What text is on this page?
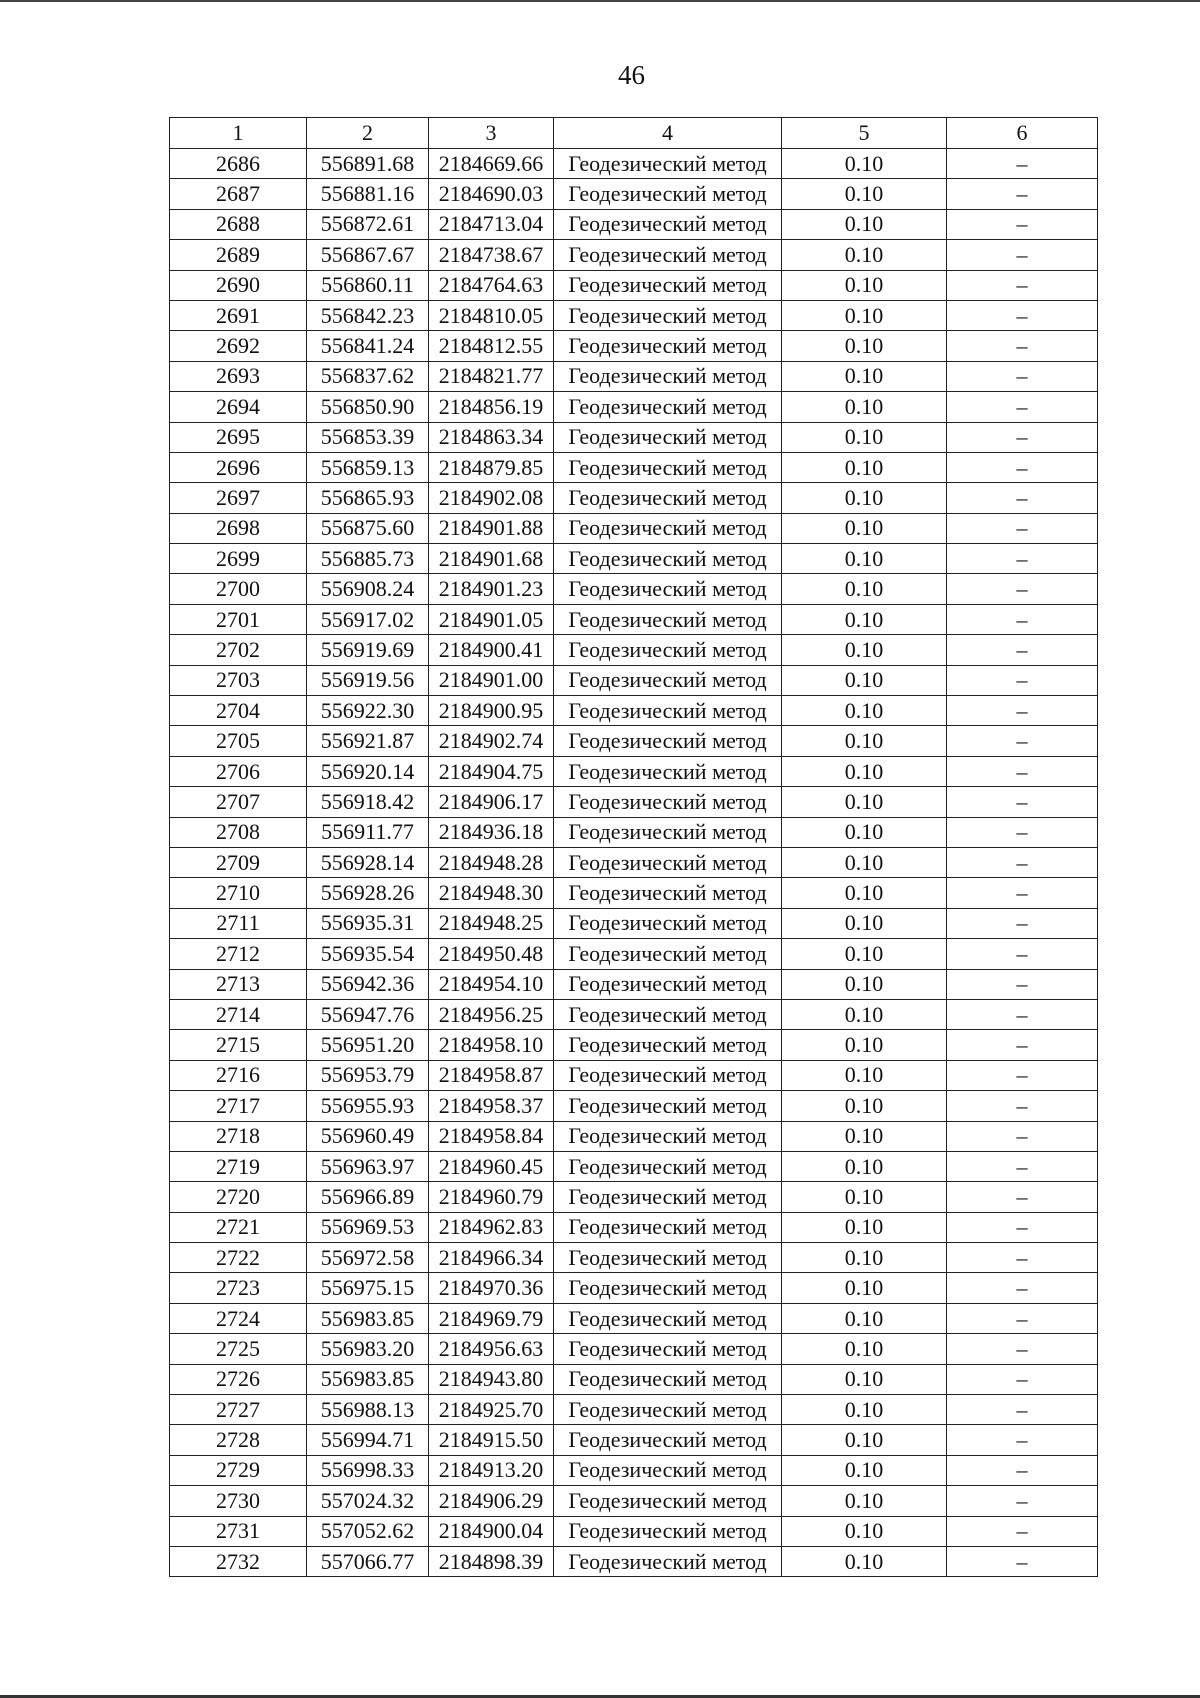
46
1	2	3	4	5	6
2686	556891.68	2184669.66	Геодезический метод	0.10	–
2687	556881.16	2184690.03	Геодезический метод	0.10	–
2688	556872.61	2184713.04	Геодезический метод	0.10	–
2689	556867.67	2184738.67	Геодезический метод	0.10	–
2690	556860.11	2184764.63	Геодезический метод	0.10	–
2691	556842.23	2184810.05	Геодезический метод	0.10	–
2692	556841.24	2184812.55	Геодезический метод	0.10	–
2693	556837.62	2184821.77	Геодезический метод	0.10	–
2694	556850.90	2184856.19	Геодезический метод	0.10	–
2695	556853.39	2184863.34	Геодезический метод	0.10	–
2696	556859.13	2184879.85	Геодезический метод	0.10	–
2697	556865.93	2184902.08	Геодезический метод	0.10	–
2698	556875.60	2184901.88	Геодезический метод	0.10	–
2699	556885.73	2184901.68	Геодезический метод	0.10	–
2700	556908.24	2184901.23	Геодезический метод	0.10	–
2701	556917.02	2184901.05	Геодезический метод	0.10	–
2702	556919.69	2184900.41	Геодезический метод	0.10	–
2703	556919.56	2184901.00	Геодезический метод	0.10	–
2704	556922.30	2184900.95	Геодезический метод	0.10	–
2705	556921.87	2184902.74	Геодезический метод	0.10	–
2706	556920.14	2184904.75	Геодезический метод	0.10	–
2707	556918.42	2184906.17	Геодезический метод	0.10	–
2708	556911.77	2184936.18	Геодезический метод	0.10	–
2709	556928.14	2184948.28	Геодезический метод	0.10	–
2710	556928.26	2184948.30	Геодезический метод	0.10	–
2711	556935.31	2184948.25	Геодезический метод	0.10	–
2712	556935.54	2184950.48	Геодезический метод	0.10	–
2713	556942.36	2184954.10	Геодезический метод	0.10	–
2714	556947.76	2184956.25	Геодезический метод	0.10	–
2715	556951.20	2184958.10	Геодезический метод	0.10	–
2716	556953.79	2184958.87	Геодезический метод	0.10	–
2717	556955.93	2184958.37	Геодезический метод	0.10	–
2718	556960.49	2184958.84	Геодезический метод	0.10	–
2719	556963.97	2184960.45	Геодезический метод	0.10	–
2720	556966.89	2184960.79	Геодезический метод	0.10	–
2721	556969.53	2184962.83	Геодезический метод	0.10	–
2722	556972.58	2184966.34	Геодезический метод	0.10	–
2723	556975.15	2184970.36	Геодезический метод	0.10	–
2724	556983.85	2184969.79	Геодезический метод	0.10	–
2725	556983.20	2184956.63	Геодезический метод	0.10	–
2726	556983.85	2184943.80	Геодезический метод	0.10	–
2727	556988.13	2184925.70	Геодезический метод	0.10	–
2728	556994.71	2184915.50	Геодезический метод	0.10	–
2729	556998.33	2184913.20	Геодезический метод	0.10	–
2730	557024.32	2184906.29	Геодезический метод	0.10	–
2731	557052.62	2184900.04	Геодезический метод	0.10	–
2732	557066.77	2184898.39	Геодезический метод	0.10	–
